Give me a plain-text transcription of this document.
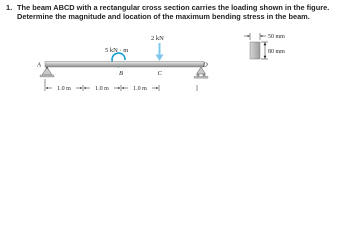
1. The beam ABCD with a rectangular cross section carries the loading shown in the figure.
Determine the magnitude and location of the maximum bending stress in the beam.
5 kN · m
2 kN
A	D
B	C
1.0 m	1.0 m	1.0 m
50 mm
80 mm
